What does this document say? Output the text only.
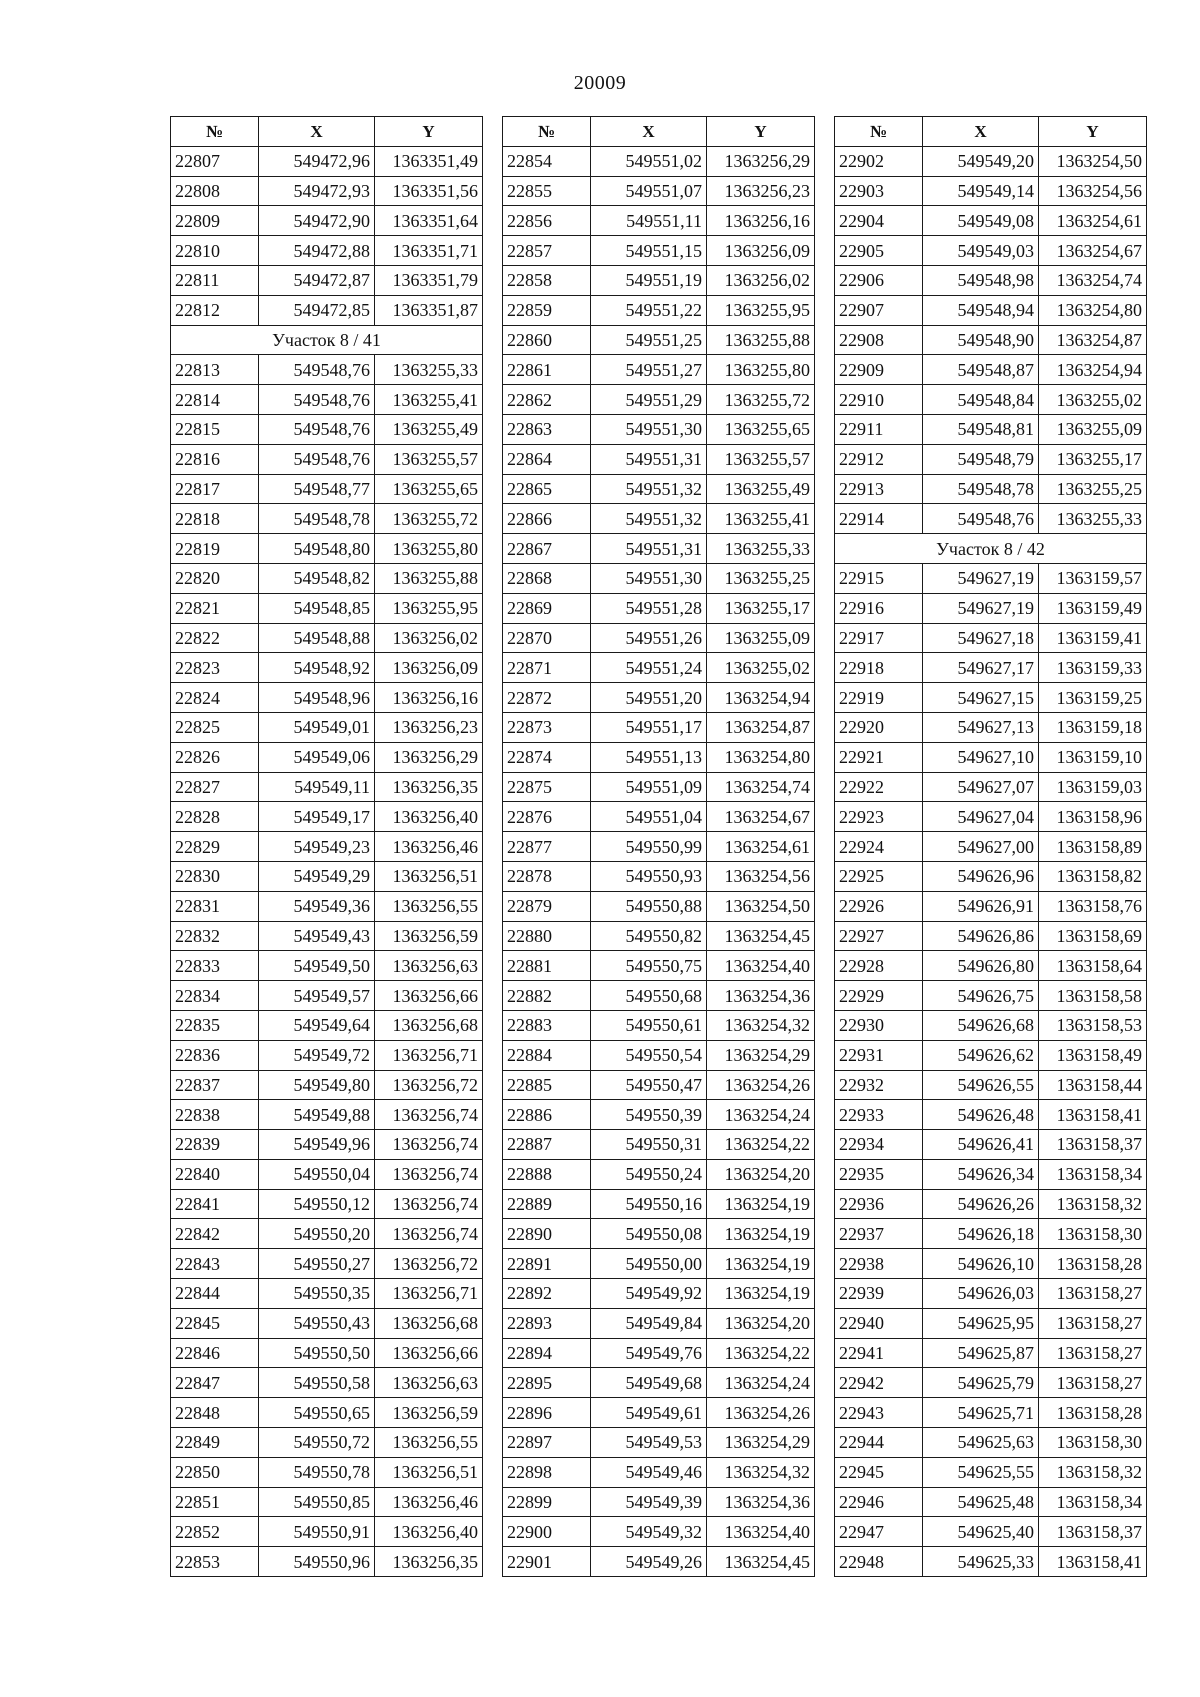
20009
№	X	Y
22807	549472,96	1363351,49
22808	549472,93	1363351,56
22809	549472,90	1363351,64
22810	549472,88	1363351,71
22811	549472,87	1363351,79
22812	549472,85	1363351,87
Участок 8 / 41		
22813	549548,76	1363255,33
22814	549548,76	1363255,41
22815	549548,76	1363255,49
22816	549548,76	1363255,57
22817	549548,77	1363255,65
22818	549548,78	1363255,72
22819	549548,80	1363255,80
22820	549548,82	1363255,88
22821	549548,85	1363255,95
22822	549548,88	1363256,02
22823	549548,92	1363256,09
22824	549548,96	1363256,16
22825	549549,01	1363256,23
22826	549549,06	1363256,29
22827	549549,11	1363256,35
22828	549549,17	1363256,40
22829	549549,23	1363256,46
22830	549549,29	1363256,51
22831	549549,36	1363256,55
22832	549549,43	1363256,59
22833	549549,50	1363256,63
22834	549549,57	1363256,66
22835	549549,64	1363256,68
22836	549549,72	1363256,71
22837	549549,80	1363256,72
22838	549549,88	1363256,74
22839	549549,96	1363256,74
22840	549550,04	1363256,74
22841	549550,12	1363256,74
22842	549550,20	1363256,74
22843	549550,27	1363256,72
22844	549550,35	1363256,71
22845	549550,43	1363256,68
22846	549550,50	1363256,66
22847	549550,58	1363256,63
22848	549550,65	1363256,59
22849	549550,72	1363256,55
22850	549550,78	1363256,51
22851	549550,85	1363256,46
22852	549550,91	1363256,40
22853	549550,96	1363256,35
№	X	Y
22854	549551,02	1363256,29
22855	549551,07	1363256,23
22856	549551,11	1363256,16
22857	549551,15	1363256,09
22858	549551,19	1363256,02
22859	549551,22	1363255,95
22860	549551,25	1363255,88
22861	549551,27	1363255,80
22862	549551,29	1363255,72
22863	549551,30	1363255,65
22864	549551,31	1363255,57
22865	549551,32	1363255,49
22866	549551,32	1363255,41
22867	549551,31	1363255,33
22868	549551,30	1363255,25
22869	549551,28	1363255,17
22870	549551,26	1363255,09
22871	549551,24	1363255,02
22872	549551,20	1363254,94
22873	549551,17	1363254,87
22874	549551,13	1363254,80
22875	549551,09	1363254,74
22876	549551,04	1363254,67
22877	549550,99	1363254,61
22878	549550,93	1363254,56
22879	549550,88	1363254,50
22880	549550,82	1363254,45
22881	549550,75	1363254,40
22882	549550,68	1363254,36
22883	549550,61	1363254,32
22884	549550,54	1363254,29
22885	549550,47	1363254,26
22886	549550,39	1363254,24
22887	549550,31	1363254,22
22888	549550,24	1363254,20
22889	549550,16	1363254,19
22890	549550,08	1363254,19
22891	549550,00	1363254,19
22892	549549,92	1363254,19
22893	549549,84	1363254,20
22894	549549,76	1363254,22
22895	549549,68	1363254,24
22896	549549,61	1363254,26
22897	549549,53	1363254,29
22898	549549,46	1363254,32
22899	549549,39	1363254,36
22900	549549,32	1363254,40
22901	549549,26	1363254,45
№	X	Y
22902	549549,20	1363254,50
22903	549549,14	1363254,56
22904	549549,08	1363254,61
22905	549549,03	1363254,67
22906	549548,98	1363254,74
22907	549548,94	1363254,80
22908	549548,90	1363254,87
22909	549548,87	1363254,94
22910	549548,84	1363255,02
22911	549548,81	1363255,09
22912	549548,79	1363255,17
22913	549548,78	1363255,25
22914	549548,76	1363255,33
Участок 8 / 42		
22915	549627,19	1363159,57
22916	549627,19	1363159,49
22917	549627,18	1363159,41
22918	549627,17	1363159,33
22919	549627,15	1363159,25
22920	549627,13	1363159,18
22921	549627,10	1363159,10
22922	549627,07	1363159,03
22923	549627,04	1363158,96
22924	549627,00	1363158,89
22925	549626,96	1363158,82
22926	549626,91	1363158,76
22927	549626,86	1363158,69
22928	549626,80	1363158,64
22929	549626,75	1363158,58
22930	549626,68	1363158,53
22931	549626,62	1363158,49
22932	549626,55	1363158,44
22933	549626,48	1363158,41
22934	549626,41	1363158,37
22935	549626,34	1363158,34
22936	549626,26	1363158,32
22937	549626,18	1363158,30
22938	549626,10	1363158,28
22939	549626,03	1363158,27
22940	549625,95	1363158,27
22941	549625,87	1363158,27
22942	549625,79	1363158,27
22943	549625,71	1363158,28
22944	549625,63	1363158,30
22945	549625,55	1363158,32
22946	549625,48	1363158,34
22947	549625,40	1363158,37
22948	549625,33	1363158,41
